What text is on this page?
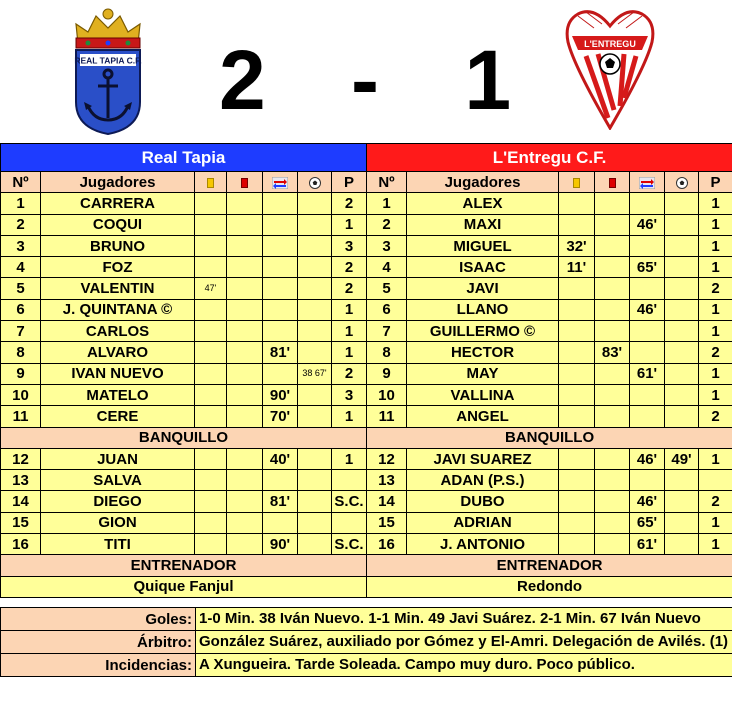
REAL TAPIA C.F. 2 - 1	L'ENTREGU
Real Tapia						
Nº	Jugadores					P
1	CARRERA					2
2	COQUI					1
3	BRUNO					3
4	FOZ					2
5	VALENTIN	47'				2
6	J. QUINTANA ©					1
7	CARLOS					1
8	ALVARO			81'		1
9	IVAN NUEVO				38 67'	2
10	MATELO			90'		3
11	CERE			70'		1
BANQUILLO						
12	JUAN			40'		1
13	SALVA					
14	DIEGO			81'		S.C.
15	GION					
16	TITI			90'		S.C.
ENTRENADOR						
Quique Fanjul						
L'Entregu C.F.						
Nº	Jugadores					P
1	ALEX					1
2	MAXI			46'		1
3	MIGUEL	32'				1
4	ISAAC	11'		65'		1
5	JAVI					2
6	LLANO			46'		1
7	GUILLERMO ©					1
8	HECTOR		83'			2
9	MAY			61'		1
10	VALLINA					1
11	ANGEL					2
BANQUILLO						
12	JAVI SUAREZ			46'	49'	1
13	ADAN (P.S.)					
14	DUBO			46'		2
15	ADRIAN			65'		1
16	J. ANTONIO			61'		1
ENTRENADOR						
Redondo						
Goles:	1-0 Min. 38 Iván Nuevo. 1-1 Min. 49 Javi Suárez. 2-1 Min. 67 Iván Nuevo
Árbitro:	González Suárez, auxiliado por Gómez y El-Amri. Delegación de Avilés. (1)
Incidencias:	A Xungueira. Tarde Soleada. Campo muy duro. Poco público.
